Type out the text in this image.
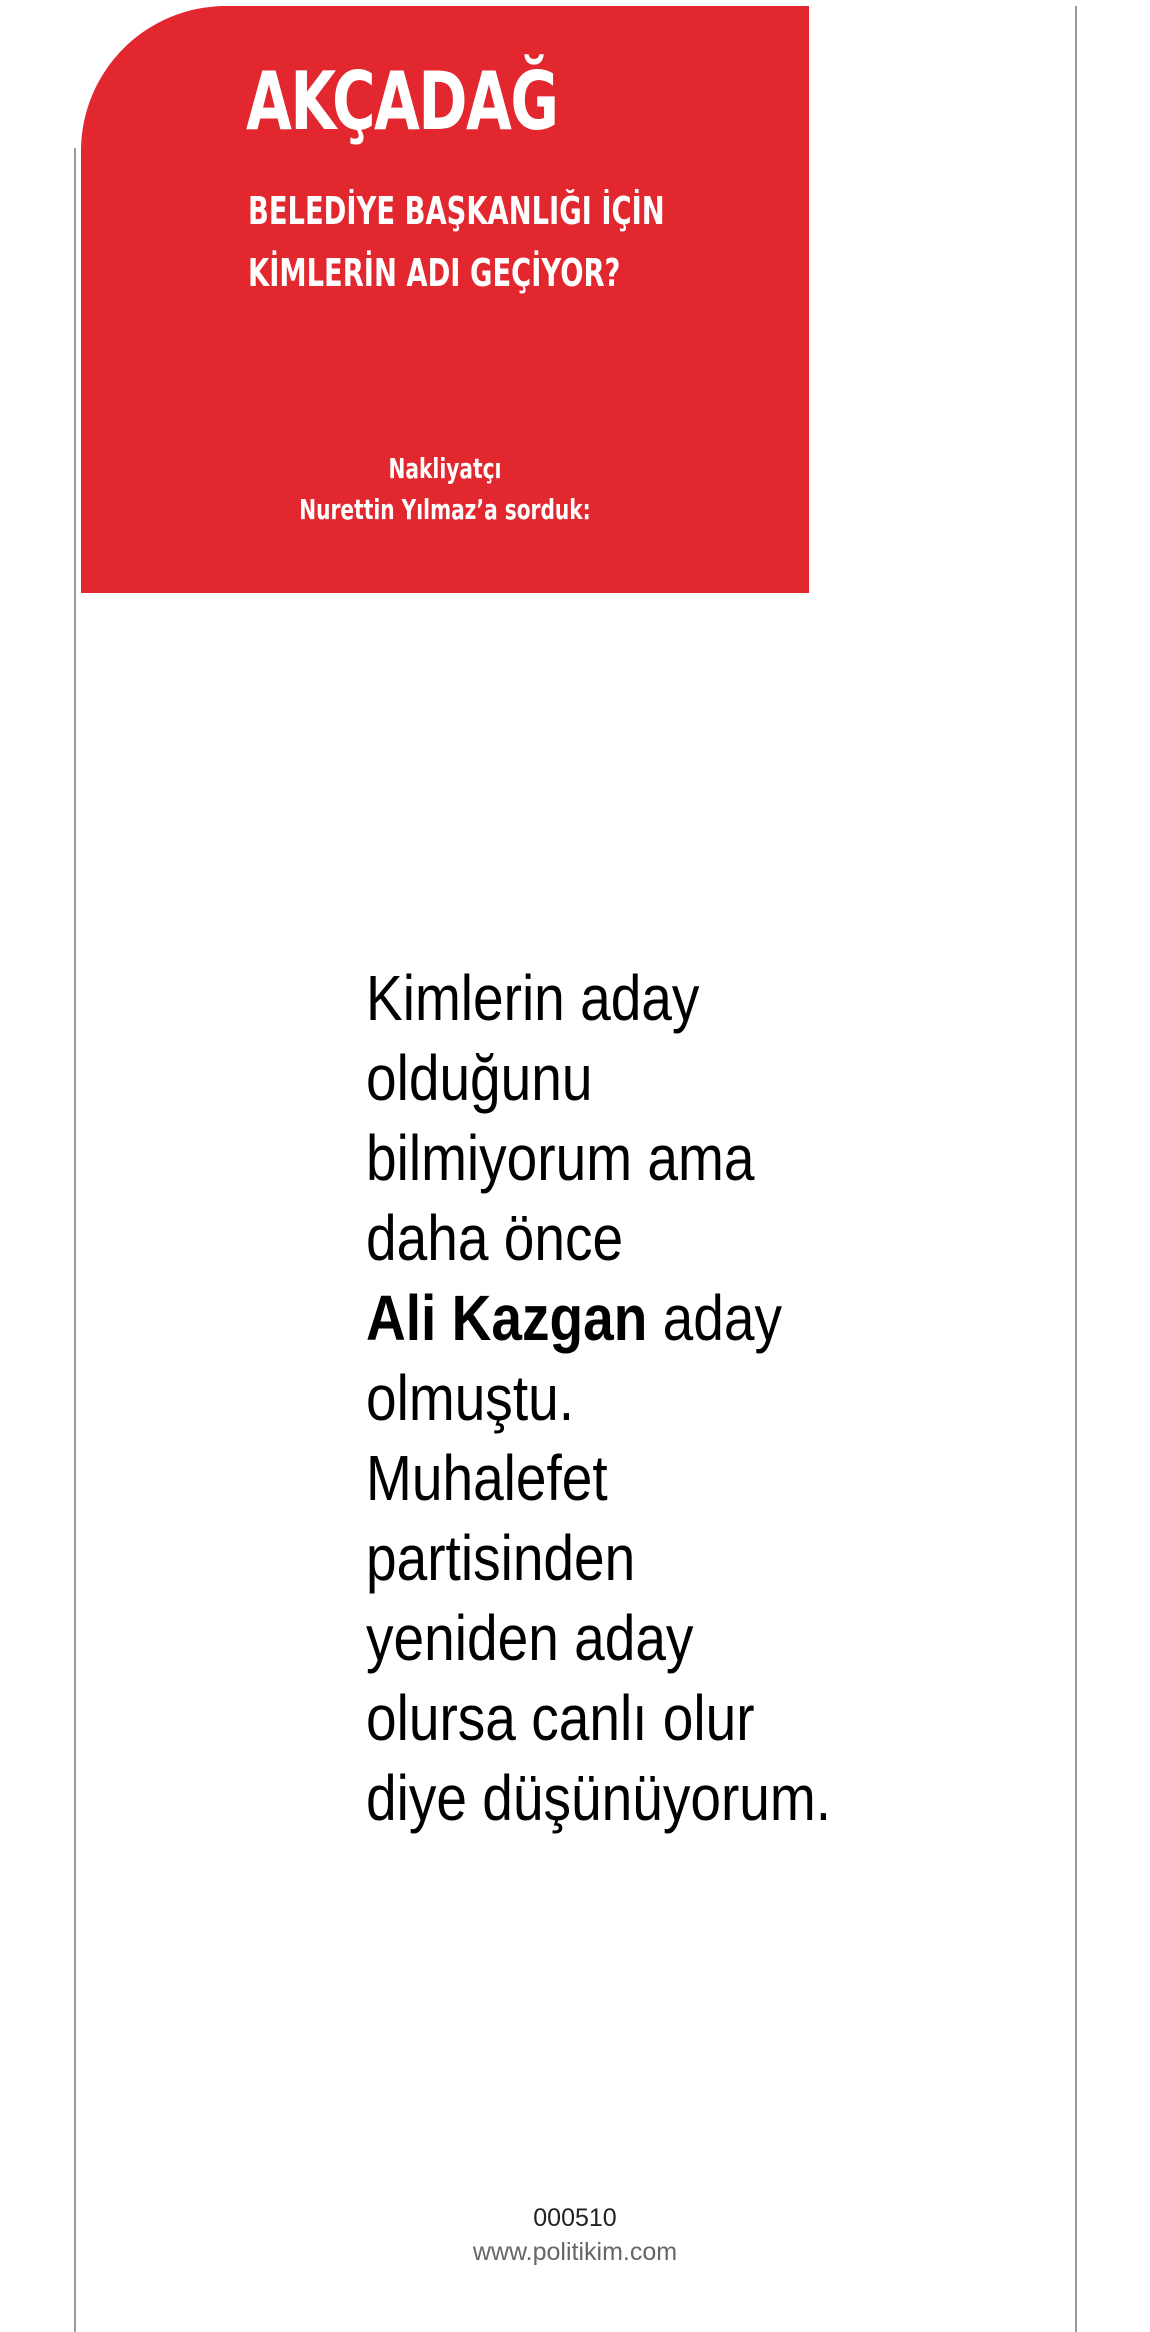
AKÇADAĞ
BELEDİYE BAŞKANLIĞI İÇİN
KİMLERİN ADI GEÇİYOR?
Nakliyatçı
Nurettin Yılmaz’a sorduk:
Kimlerin aday
olduğunu
bilmiyorum ama
daha önce
Ali Kazgan aday
olmuştu.
Muhalefet
partisinden
yeniden aday
olursa canlı olur
diye düşünüyorum.
000510
www.politikim.com
